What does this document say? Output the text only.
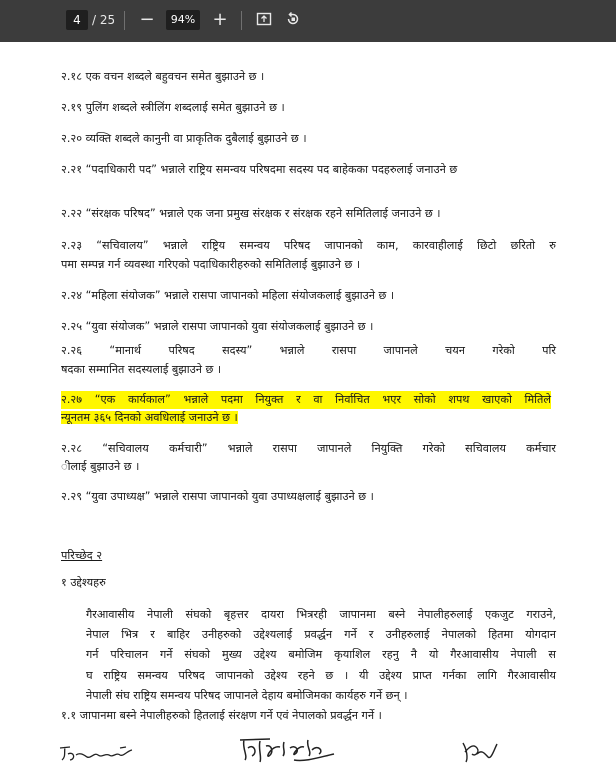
4 / 25 −	94% +
२.१८ एक वचन शब्दले बहुवचन समेत बुझाउने छ ।
२.१९ पुलिंग शब्दले स्त्रीलिंग शब्दलाई समेत बुझाउने छ ।
२.२० व्यक्ति शब्दले कानुनी वा प्राकृतिक दुबैलाई बुझाउने छ ।
२.२१ “पदाधिकारी पद” भन्नाले राष्ट्रिय समन्वय परिषदमा सदस्य पद बाहेकका पदहरुलाई जनाउने छ
२.२२ “संरक्षक परिषद” भन्नाले एक जना प्रमुख संरक्षक र संरक्षक रहने समितिलाई जनाउने छ ।
२.२३ “सचिवालय” भन्नाले राष्ट्रिय समन्वय परिषद जापानको काम, कारवाहीलाई छिटो छरितो रु
पमा सम्पन्न गर्न व्यवस्था गरिएको पदाधिकारीहरुको समितिलाई बुझाउने छ ।
२.२४ “महिला संयोजक” भन्नाले रासपा जापानको महिला संयोजकलाई बुझाउने छ ।
२.२५ “युवा संयोजक” भन्नाले रासपा जापानको युवा संयोजकलाई बुझाउने छ ।
२.२६ “मानार्थ परिषद सदस्य” भन्नाले रासपा जापानले चयन गरेको परि
षदका सम्मानित सदस्यलाई बुझाउने छ ।
२.२७ “एक कार्यकाल” भन्नाले पदमा नियुक्त र वा निर्वाचित भएर सोको शपथ खाएको मितिले
न्यूनतम ३६५ दिनको अवधिलाई जनाउने छ ।
२.२८ “सचिवालय कर्मचारी” भन्नाले रासपा जापानले नियुक्ति गरेको सचिवालय कर्मचार
ीलाई बुझाउने छ ।
२.२९ “युवा उपाध्यक्ष” भन्नाले रासपा जापानको युवा उपाध्यक्षलाई बुझाउने छ ।
परिच्छेद २
१ उद्देश्यहरु
गैरआवासीय नेपाली संघको बृहत्तर दायरा भित्ररही जापानमा बस्ने नेपालीहरुलाई एकजुट गराउने,
नेपाल भित्र र बाहिर उनीहरुको उद्देश्यलाई प्रवर्द्धन गर्ने र उनीहरुलाई नेपालको हितमा योगदान
गर्न परिचालन गर्ने संघको मुख्य उद्देश्य बमोजिम कृयाशिल रहनु नै यो गैरआवासीय नेपाली स
घ राष्ट्रिय समन्वय परिषद जापानको उद्देश्य रहने छ । यी उद्देश्य प्राप्त गर्नका लागि गैरआवासीय
नेपाली संघ राष्ट्रिय समन्वय परिषद जापानले देहाय बमोजिमका कार्यहरु गर्ने छन् ।
१.१ जापानमा बस्ने नेपालीहरुको हितलाई संरक्षण गर्ने एवं नेपालको प्रवर्द्धन गर्ने ।
